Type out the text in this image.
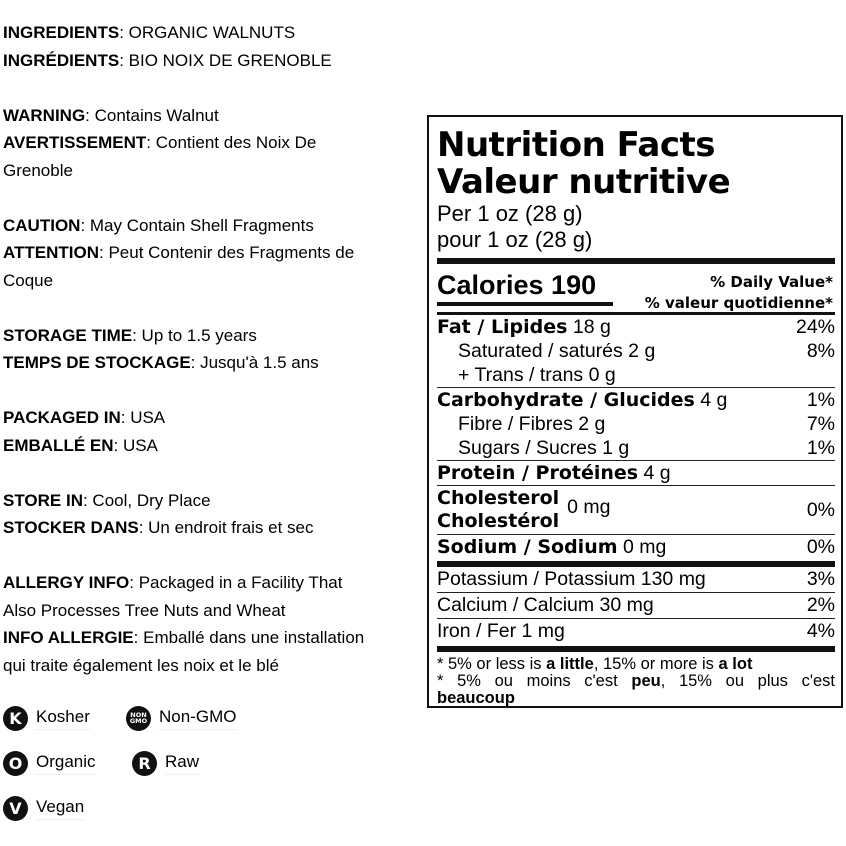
INGREDIENTS: ORGANIC WALNUTS
INGRÉDIENTS: BIO NOIX DE GRENOBLE
WARNING: Contains Walnut
AVERTISSEMENT: Contient des Noix De
Grenoble
CAUTION: May Contain Shell Fragments
ATTENTION: Peut Contenir des Fragments de
Coque
STORAGE TIME: Up to 1.5 years
TEMPS DE STOCKAGE: Jusqu'à 1.5 ans
PACKAGED IN: USA
EMBALLÉ EN: USA
STORE IN: Cool, Dry Place
STOCKER DANS: Un endroit frais et sec
ALLERGY INFO: Packaged in a Facility That
Also Processes Tree Nuts and Wheat
INFO ALLERGIE: Emballé dans une installation
qui traite également les noix et le blé
K Kosher	NON
GMO Non-GMO
O Organic	R Raw
V Vegan
Nutrition Facts
Valeur nutritive
Per 1 oz (28 g)
pour 1 oz (28 g)
Calories 190	% Daily Value*
% valeur quotidienne*
Fat / Lipides 18 g	24%
Saturated / saturés 2 g	8%
+ Trans / trans 0 g
Carbohydrate / Glucides 4 g	1%
Fibre / Fibres 2 g	7%
Sugars / Sucres 1 g	1%
Protein / Protéines 4 g
Cholesterol
Cholestérol
0 mg	0%
Sodium / Sodium 0 mg	0%
Potassium / Potassium 130 mg	3%
Calcium / Calcium 30 mg	2%
Iron / Fer 1 mg	4%
* 5% or less is a little, 15% or more is a lot
* 5% ou moins c'est peu, 15% ou plus c'est
beaucoup
